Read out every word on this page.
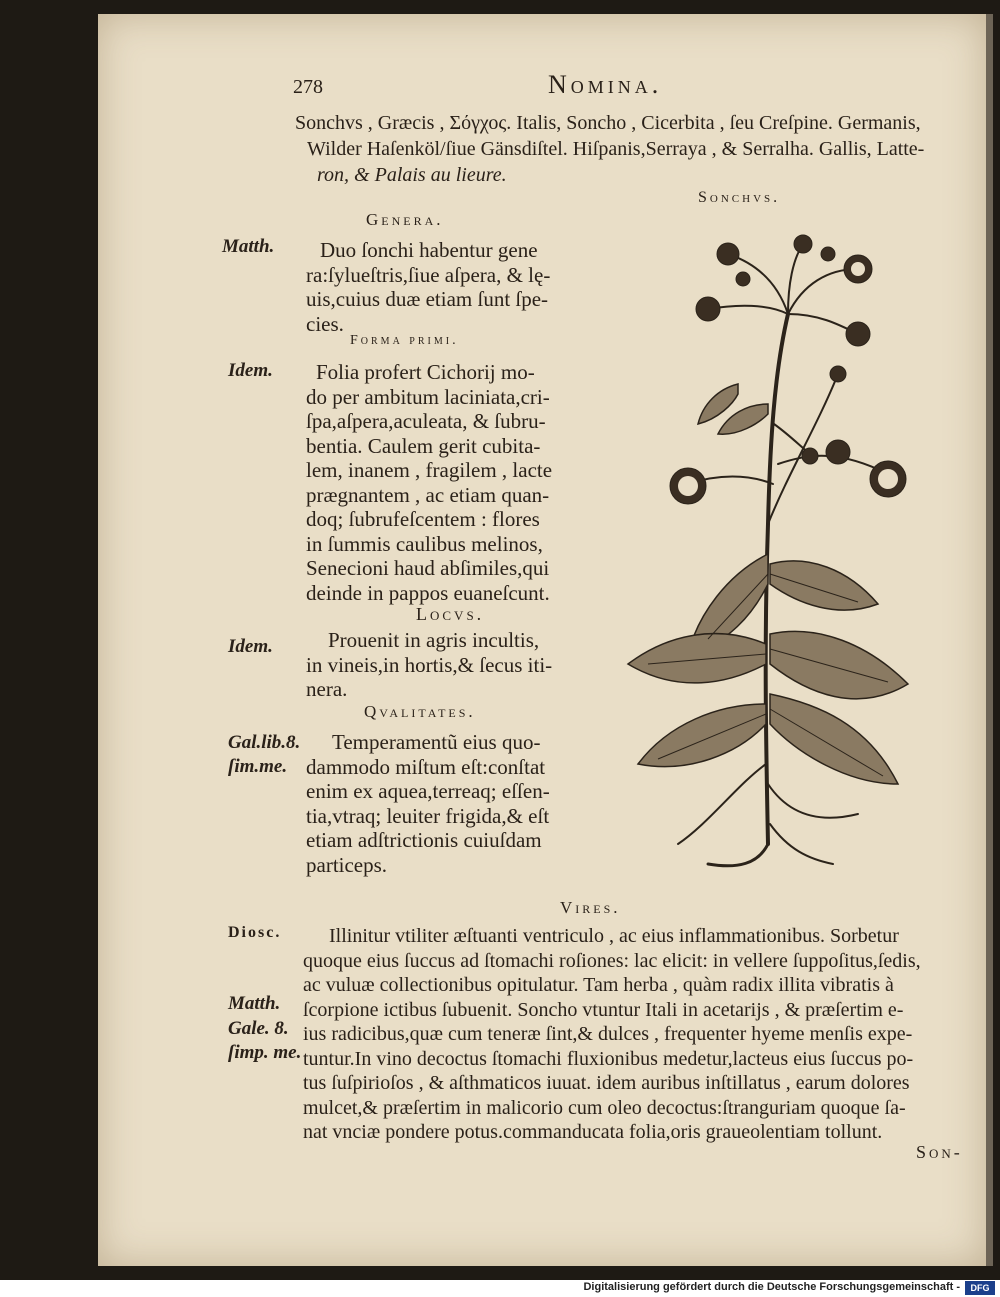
278	Nomina.
Sonchvs , Græcis , Σόγχος. Italis, Soncho , Cicerbita , ſeu Creſpine. Germanis,
Wilder Haſenköl/ſiue Gänsdiſtel. Hiſpanis,Serraya , & Serralha. Gallis, Latte-
ron, & Palais au lieure.
Sonchvs.
Genera.
Matth.	Duo ſonchi habentur gene
ra:ſylueſtris,ſiue aſpera, & lę-
uis,cuius duæ etiam ſunt ſpe-
cies.
Forma primi.
Idem.	Folia profert Cichorij mo-
do per ambitum laciniata,cri-
ſpa,aſpera,aculeata, & ſubru-
bentia. Caulem gerit cubita-
lem, inanem , fragilem , lacte
prægnantem , ac etiam quan-
doq; ſubrufeſcentem : flores
in ſummis caulibus melinos,
Senecioni haud abſimiles,qui
deinde in pappos euaneſcunt.
Locvs.
Idem.	Prouenit in agris incultis,
in vineis,in hortis,& ſecus iti-
nera.
Qvalitates.
Gal.lib.8.
ſim.me.
Temperamentũ eius quo-
dammodo miſtum eſt:conſtat
enim ex aquea,terreaq; eſſen-
tia,vtraq; leuiter frigida,& eſt
etiam adſtrictionis cuiuſdam
particeps.
Vires.
Diosc.
Matth.
Gale. 8.
ſimp. me.
Illinitur vtiliter æſtuanti ventriculo , ac eius inflammationibus. Sorbetur
quoque eius ſuccus ad ſtomachi roſiones: lac elicit: in vellere ſuppoſitus,ſedis,
ac vuluæ collectionibus opitulatur. Tam herba , quàm radix illita vibratis à
ſcorpione ictibus ſubuenit. Soncho vtuntur Itali in acetarijs , & præſertim e-
ius radicibus,quæ cum teneræ ſint,& dulces , frequenter hyeme menſis expe-
tuntur.In vino decoctus ſtomachi fluxionibus medetur,lacteus eius ſuccus po-
tus ſuſpirioſos , & aſthmaticos iuuat. idem auribus inſtillatus , earum dolores
mulcet,& præſertim in malicorio cum oleo decoctus:ſtranguriam quoque ſa-
nat vnciæ pondere potus.commanducata folia,oris graueolentiam tollunt.
Son-
Digitalisierung gefördert durch die Deutsche Forschungsgemeinschaft -	DFG
